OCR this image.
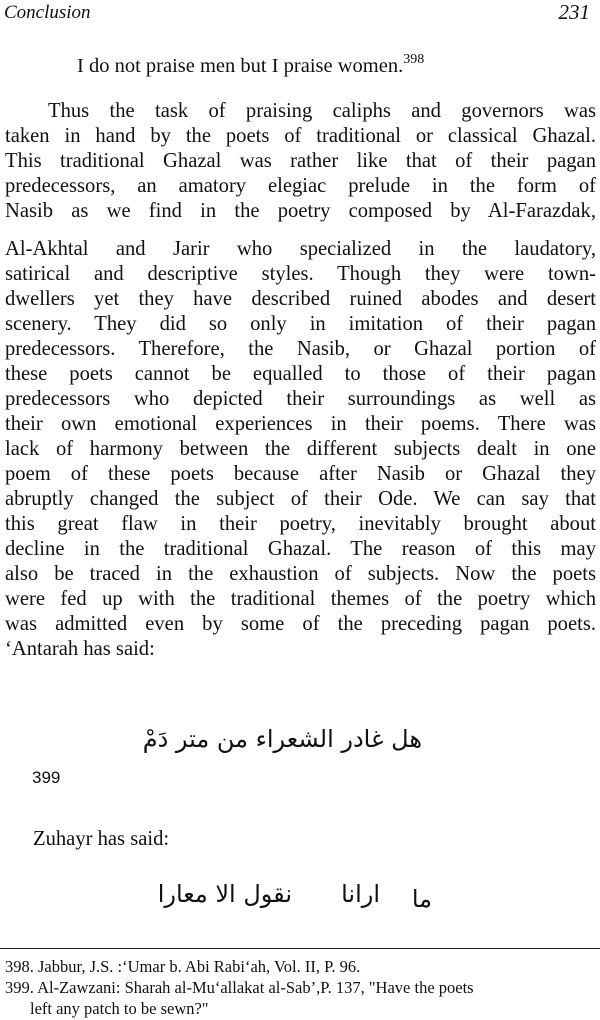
Conclusion	231
I do not praise men but I praise women.$^{398}$
Thus the task of praising caliphs and governors was
taken in hand by the poets of traditional or classical Ghazal.
This traditional Ghazal was rather like that of their pagan
predecessors, an amatory elegiac prelude in the form of
Nasib as we find in the poetry composed by Al-Farazdak,
Al-Akhtal and Jarir who specialized in the laudatory,
satirical and descriptive styles. Though they were town-
dwellers yet they have described ruined abodes and desert
scenery. They did so only in imitation of their pagan
predecessors. Therefore, the Nasib, or Ghazal portion of
these poets cannot be equalled to those of their pagan
predecessors who depicted their surroundings as well as
their own emotional experiences in their poems. There was
lack of harmony between the different subjects dealt in one
poem of these poets because after Nasib or Ghazal they
abruptly changed the subject of their Ode. We can say that
this great flaw in their poetry, inevitably brought about
decline in the traditional Ghazal. The reason of this may
also be traced in the exhaustion of subjects. Now the poets
were fed up with the traditional themes of the poetry which
was admitted even by some of the preceding pagan poets.
‘Antarah has said:
هل غادر الشعراء من متر دَمْ
399
Zuhayr has said:
ما
ارانا
نقول الا معارا
398. Jabbur, J.S. :‘Umar b. Abi Rabi‘ah, Vol. II, P. 96.
399. Al-Zawzani: Sharah al-Mu‘allakat al-Sab’,P. 137, "Have the poets
left any patch to be sewn?"
